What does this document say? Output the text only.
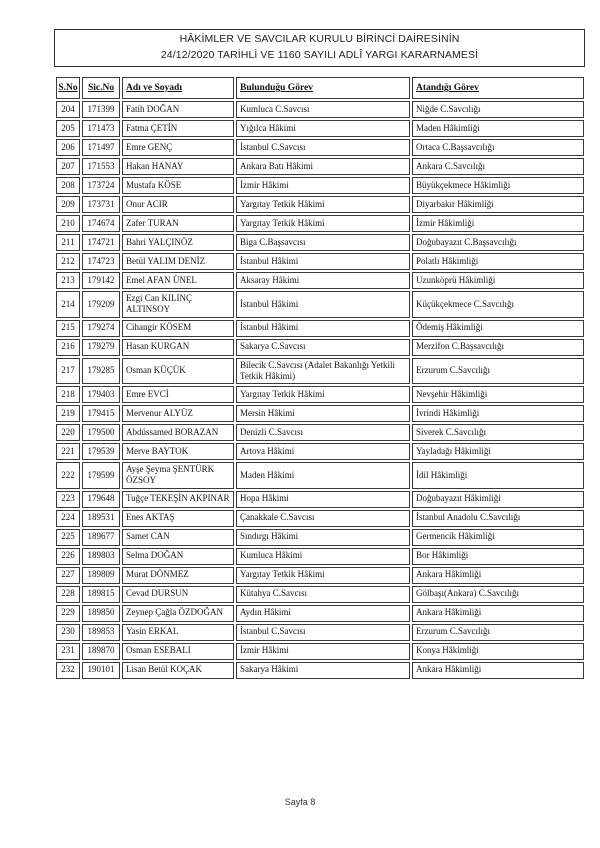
HÂKİMLER VE SAVCILAR KURULU BİRİNCİ DAİRESİNİN
24/12/2020 TARİHLİ VE 1160 SAYILI ADLÎ YARGI KARARNAMESİ
S.No	Sic.No	Adı ve Soyadı	Bulunduğu Görev	Atandığı Görev
204	171399	Fatih DOĞAN	Kumluca C.Savcısı	Niğde C.Savcılığı
205	171473	Fatma ÇETİN	Yığılca Hâkimi	Maden Hâkimliği
206	171497	Emre GENÇ	İstanbul C.Savcısı	Ortaca C.Başsavcılığı
207	171553	Hakan HANAY	Ankara Batı Hâkimi	Ankara C.Savcılığı
208	173724	Mustafa KÖSE	İzmir Hâkimi	Büyükçekmece Hâkimliği
209	173731	Onur ACIR	Yargıtay Tetkik Hâkimi	Diyarbakır Hâkimliği
210	174674	Zafer TURAN	Yargıtay Tetkik Hâkimi	İzmir Hâkimliği
211	174721	Bahri YALÇINÖZ	Biga C.Başsavcısı	Doğubayazıt C.Başsavcılığı
212	174723	Betül YALIM DENİZ	İstanbul Hâkimi	Polatlı Hâkimliği
213	179142	Emel AFAN ÜNEL	Aksaray Hâkimi	Uzunköprü Hâkimliği
214	179209	Ezgi Can KILINÇ ALTINSOY	İstanbul Hâkimi	Küçükçekmece C.Savcılığı
215	179274	Cihangir KÖSEM	İstanbul Hâkimi	Ödemiş Hâkimliği
216	179279	Hasan KURGAN	Sakarya C.Savcısı	Merzifon C.Başsavcılığı
217	179285	Osman KÜÇÜK	Bilecik C.Savcısı (Adalet Bakanlığı Yetkili Tetkik Hâkimi)	Erzurum C.Savcılığı
218	179403	Emre EVCİ	Yargıtay Tetkik Hâkimi	Nevşehir Hâkimliği
219	179415	Mervenur ALYÜZ	Mersin Hâkimi	İvrindi Hâkimliği
220	179500	Abdüssamed BORAZAN	Denizli C.Savcısı	Siverek C.Savcılığı
221	179539	Merve BAYTOK	Artova Hâkimi	Yayladağı Hâkimliği
222	179599	Ayşe Şeyma ŞENTÜRK ÖZSOY	Maden Hâkimi	İdil Hâkimliği
223	179648	Tuğçe TEKEŞİN AKPINAR	Hopa Hâkimi	Doğubayazıt Hâkimliği
224	189531	Enes AKTAŞ	Çanakkale C.Savcısı	İstanbul Anadolu C.Savcılığı
225	189677	Samet CAN	Sındırgı Hâkimi	Germencik Hâkimliği
226	189803	Selma DOĞAN	Kumluca Hâkimi	Bor Hâkimliği
227	189809	Murat DÖNMEZ	Yargıtay Tetkik Hâkimi	Ankara Hâkimliği
228	189815	Cevad DURSUN	Kütahya C.Savcısı	Gölbaşı(Ankara) C.Savcılığı
229	189850	Zeynep Çağla ÖZDOĞAN	Aydın Hâkimi	Ankara Hâkimliği
230	189853	Yasin ERKAL	İstanbul C.Savcısı	Erzurum C.Savcılığı
231	189870	Osman ESEBALI	İzmir Hâkimi	Konya Hâkimliği
232	190101	Lisan Betül KOÇAK	Sakarya Hâkimi	Ankara Hâkimliği
Sayfa 8
